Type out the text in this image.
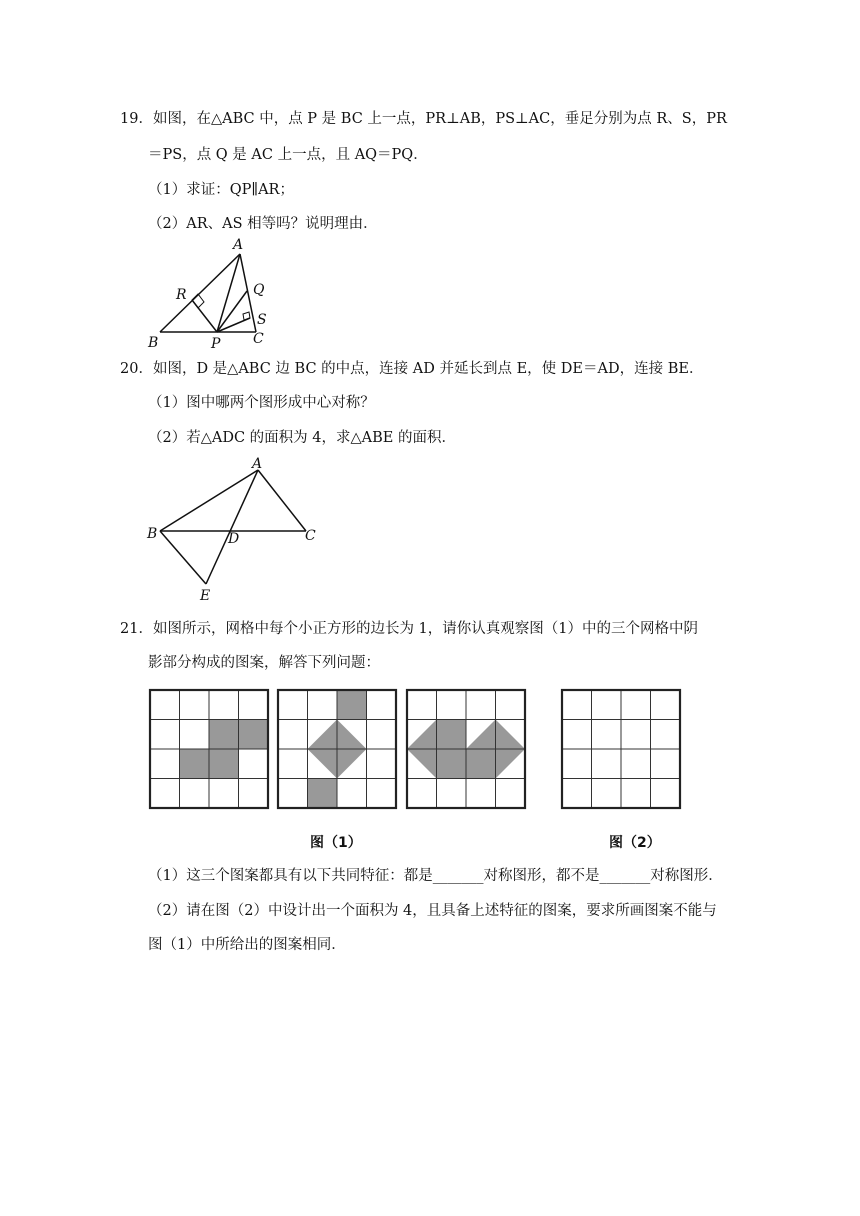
19．如图，在△ABC 中，点 P 是 BC 上一点，PR⊥AB，PS⊥AC，垂足分别为点 R、S，PR
＝PS，点 Q 是 AC 上一点，且 AQ＝PQ．
（1）求证：QP∥AR；
（2）AR、AS 相等吗？说明理由．
A
R	Q
S
B	P C
20．如图，D 是△ABC 边 BC 的中点，连接 AD 并延长到点 E，使 DE＝AD，连接 BE．
（1）图中哪两个图形成中心对称？
（2）若△ADC 的面积为 4，求△ABE 的面积．
A
B	D	C
E
21．如图所示，网格中每个小正方形的边长为 1，请你认真观察图（1）中的三个网格中阴
影部分构成的图案，解答下列问题：
图（1）	图（2）
（1）这三个图案都具有以下共同特征：都是_______对称图形，都不是_______对称图形．
（2）请在图（2）中设计出一个面积为 4，且具备上述特征的图案，要求所画图案不能与
图（1）中所给出的图案相同．
